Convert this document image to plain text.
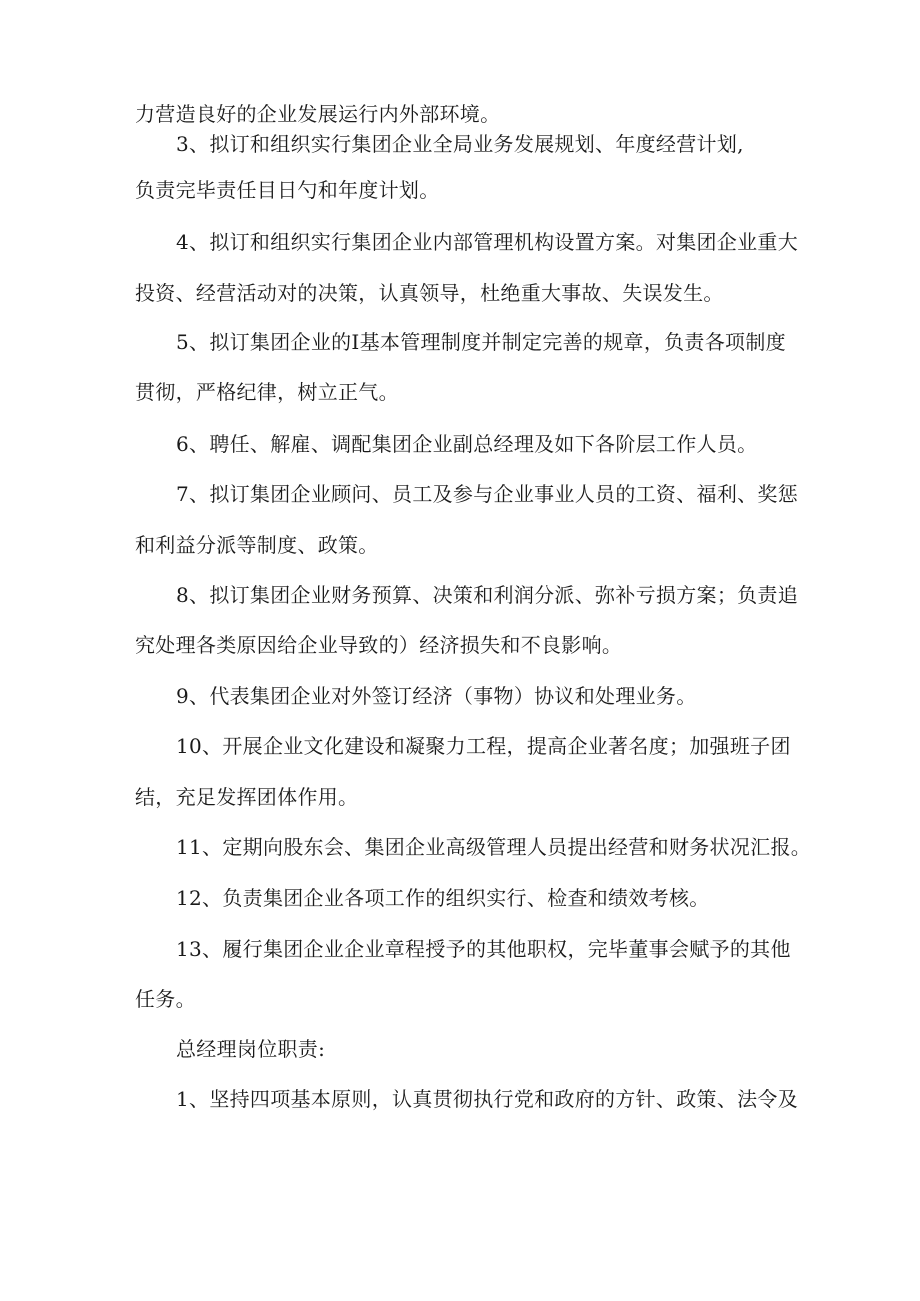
力营造良好的企业发展运行内外部环境。
3、拟订和组织实行集团企业全局业务发展规划、年度经营计划,
负责完毕责任目日勺和年度计划。
4、拟订和组织实行集团企业内部管理机构设置方案。对集团企业重大
投资、经营活动对的决策，认真领导，杜绝重大事故、失误发生。
5、拟订集团企业的I基本管理制度并制定完善的规章，负责各项制度
贯彻，严格纪律，树立正气。
6、聘任、解雇、调配集团企业副总经理及如下各阶层工作人员。
7、拟订集团企业顾问、员工及参与企业事业人员的工资、福利、奖惩
和利益分派等制度、政策。
8、拟订集团企业财务预算、决策和利润分派、弥补亏损方案；负责追
究处理各类原因给企业导致的）经济损失和不良影响。
9、代表集团企业对外签订经济（事物）协议和处理业务。
10、开展企业文化建设和凝聚力工程，提高企业著名度；加强班子团
结，充足发挥团体作用。
11、定期向股东会、集团企业高级管理人员提出经营和财务状况汇报。
12、负责集团企业各项工作的组织实行、检查和绩效考核。
13、履行集团企业企业章程授予的其他职权，完毕董事会赋予的其他
任务。
总经理岗位职责:
1、坚持四项基本原则，认真贯彻执行党和政府的方针、政策、法令及
